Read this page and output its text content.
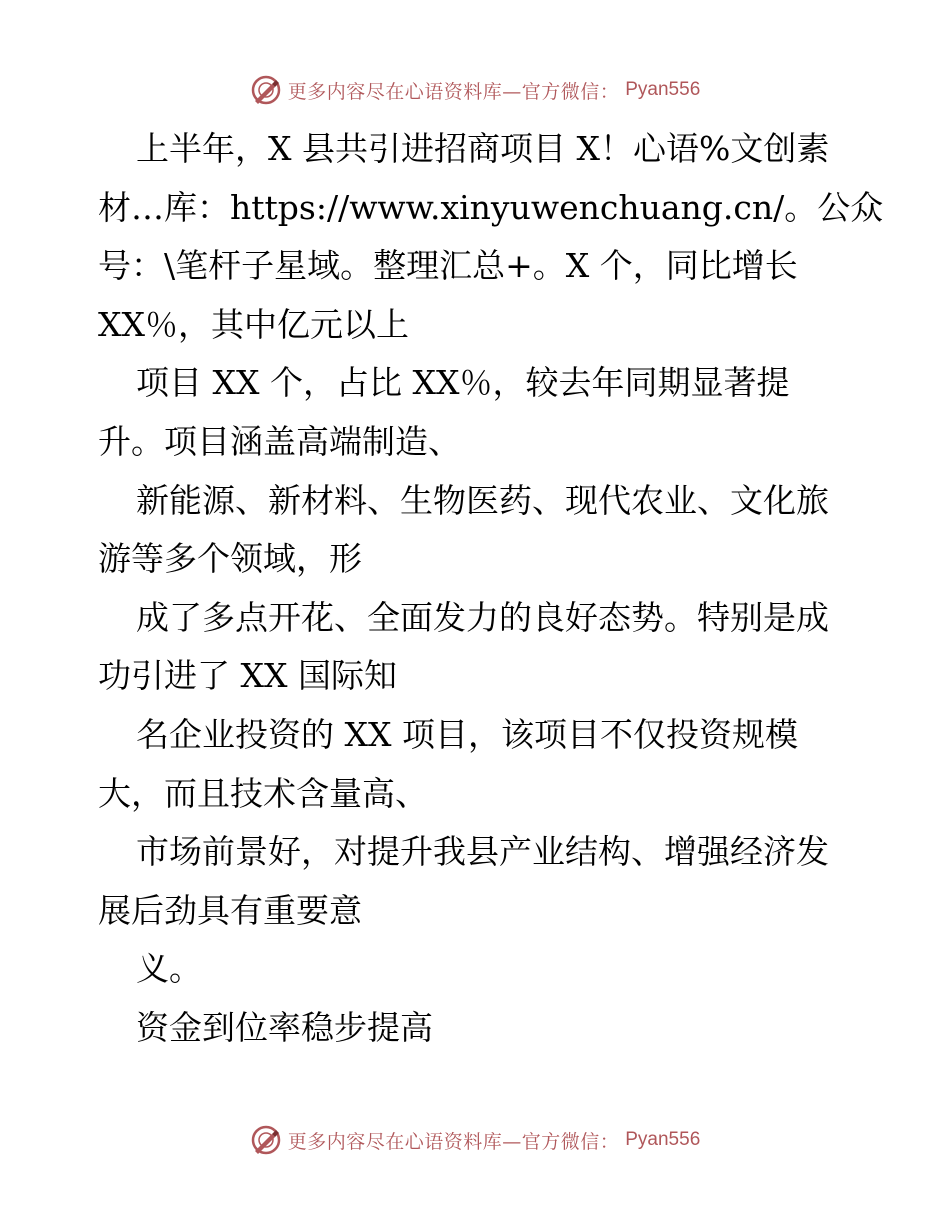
更多内容尽在心语资料库—官方微信： Pyan556
上半年，X 县共引进招商项目 X！心语%文创素
材…库：https://www.xinyuwenchuang.cn/。公众
号：\笔杆子星域。整理汇总+。X 个，同比增长
XX％，其中亿元以上
项目 XX 个，占比 XX％，较去年同期显著提
升。项目涵盖高端制造、
新能源、新材料、生物医药、现代农业、文化旅
游等多个领域，形
成了多点开花、全面发力的良好态势。特别是成
功引进了 XX 国际知
名企业投资的 XX 项目，该项目不仅投资规模
大，而且技术含量高、
市场前景好，对提升我县产业结构、增强经济发
展后劲具有重要意
义。
资金到位率稳步提高
更多内容尽在心语资料库—官方微信： Pyan556
